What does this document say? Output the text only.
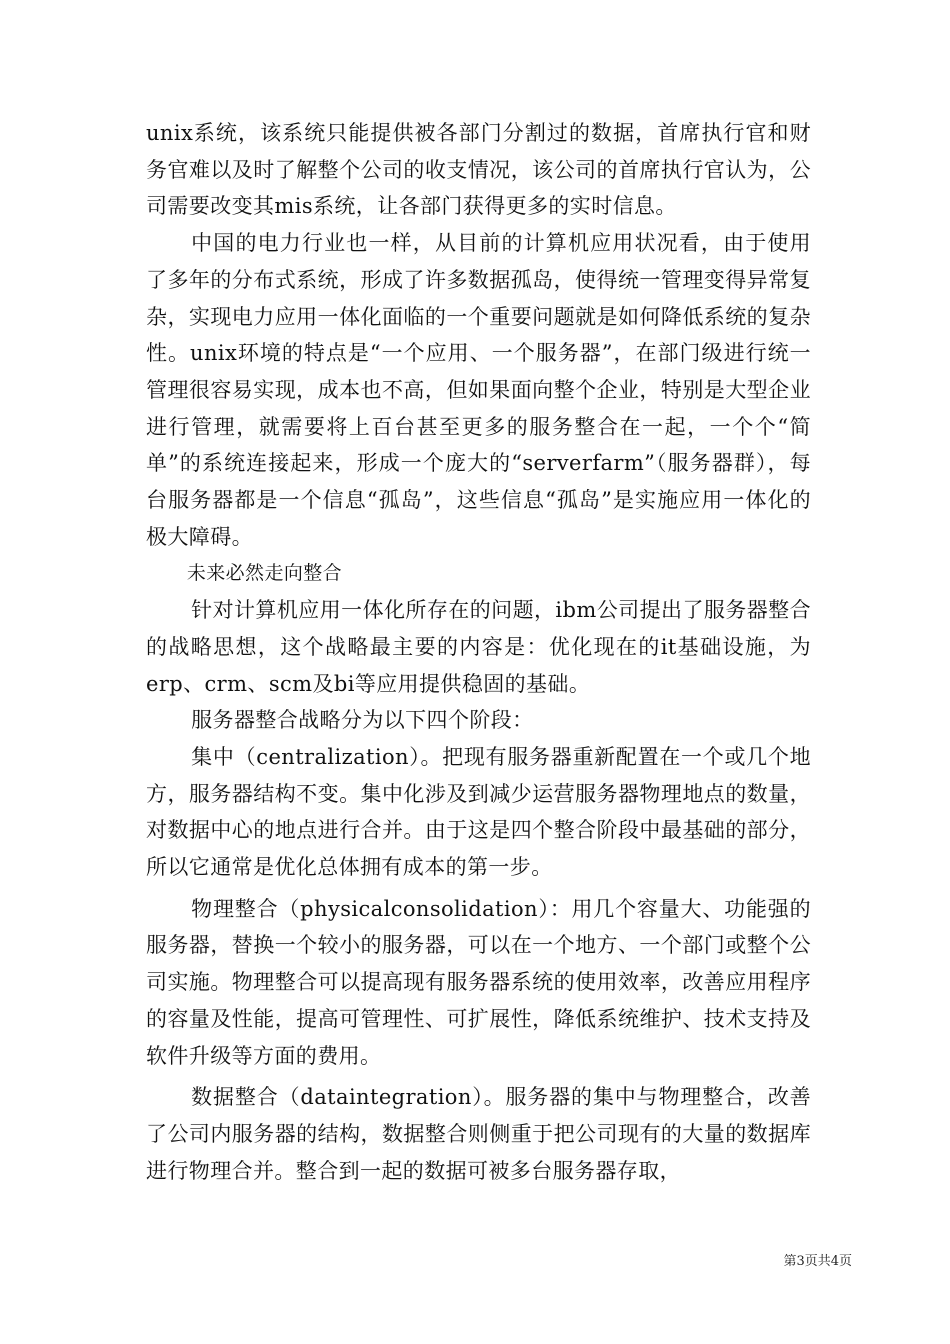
unix系统，该系统只能提供被各部门分割过的数据，首席执行官和财务官难以及时了解整个公司的收支情况，该公司的首席执行官认为，公司需要改变其mis系统，让各部门获得更多的实时信息。

中国的电力行业也一样，从目前的计算机应用状况看，由于使用了多年的分布式系统，形成了许多数据孤岛，使得统一管理变得异常复杂，实现电力应用一体化面临的一个重要问题就是如何降低系统的复杂性。unix环境的特点是“一个应用、一个服务器”，在部门级进行统一管理很容易实现，成本也不高，但如果面向整个企业，特别是大型企业进行管理，就需要将上百台甚至更多的服务整合在一起，一个个“简单”的系统连接起来，形成一个庞大的“serverfarm”（服务器群），每台服务器都是一个信息“孤岛”，这些信息“孤岛”是实施应用一体化的极大障碍。

未来必然走向整合

针对计算机应用一体化所存在的问题，ibm公司提出了服务器整合的战略思想，这个战略最主要的内容是：优化现在的it基础设施，为erp、crm、scm及bi等应用提供稳固的基础。

服务器整合战略分为以下四个阶段：

集中（centralization）。把现有服务器重新配置在一个或几个地方，服务器结构不变。集中化涉及到减少运营服务器物理地点的数量，对数据中心的地点进行合并。由于这是四个整合阶段中最基础的部分，所以它通常是优化总体拥有成本的第一步。

物理整合（physicalconsolidation）：用几个容量大、功能强的服务器，替换一个较小的服务器，可以在一个地方、一个部门或整个公司实施。物理整合可以提高现有服务器系统的使用效率，改善应用程序的容量及性能，提高可管理性、可扩展性，降低系统维护、技术支持及软件升级等方面的费用。

数据整合（dataintegration）。服务器的集中与物理整合，改善了公司内服务器的结构，数据整合则侧重于把公司现有的大量的数据库进行物理合并。整合到一起的数据可被多台服务器存取，

第3页共4页
